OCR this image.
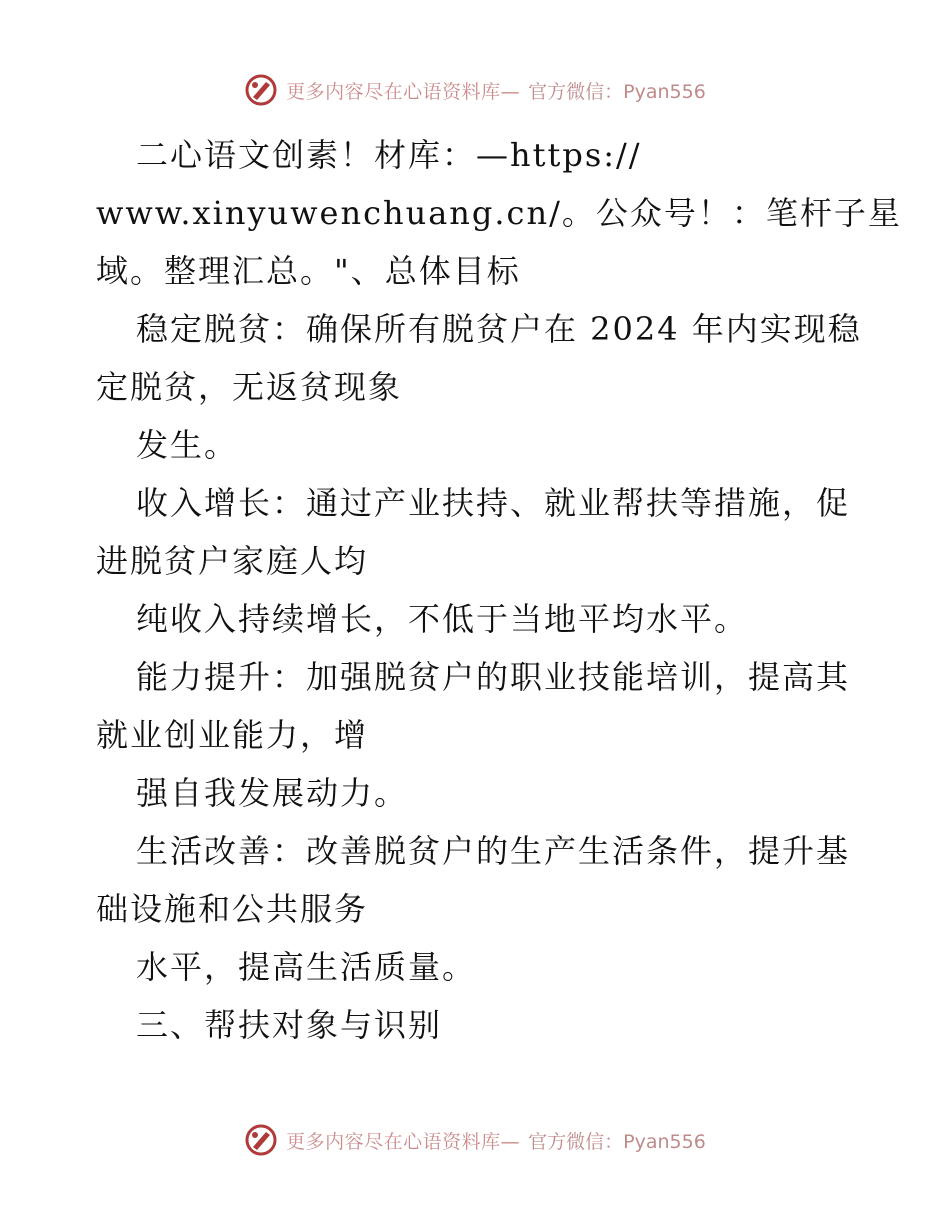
更多内容尽在心语资料库— 官方微信：Pyan556
二心语文创素！材库：—https://
www.xinyuwenchuang.cn/。公众号！：笔杆子星
域。整理汇总。"、总体目标
稳定脱贫：确保所有脱贫户在 2024 年内实现稳
定脱贫，无返贫现象
发生。
收入增长：通过产业扶持、就业帮扶等措施，促
进脱贫户家庭人均
纯收入持续增长，不低于当地平均水平。
能力提升：加强脱贫户的职业技能培训，提高其
就业创业能力，增
强自我发展动力。
生活改善：改善脱贫户的生产生活条件，提升基
础设施和公共服务
水平，提高生活质量。
三、帮扶对象与识别
更多内容尽在心语资料库— 官方微信：Pyan556
